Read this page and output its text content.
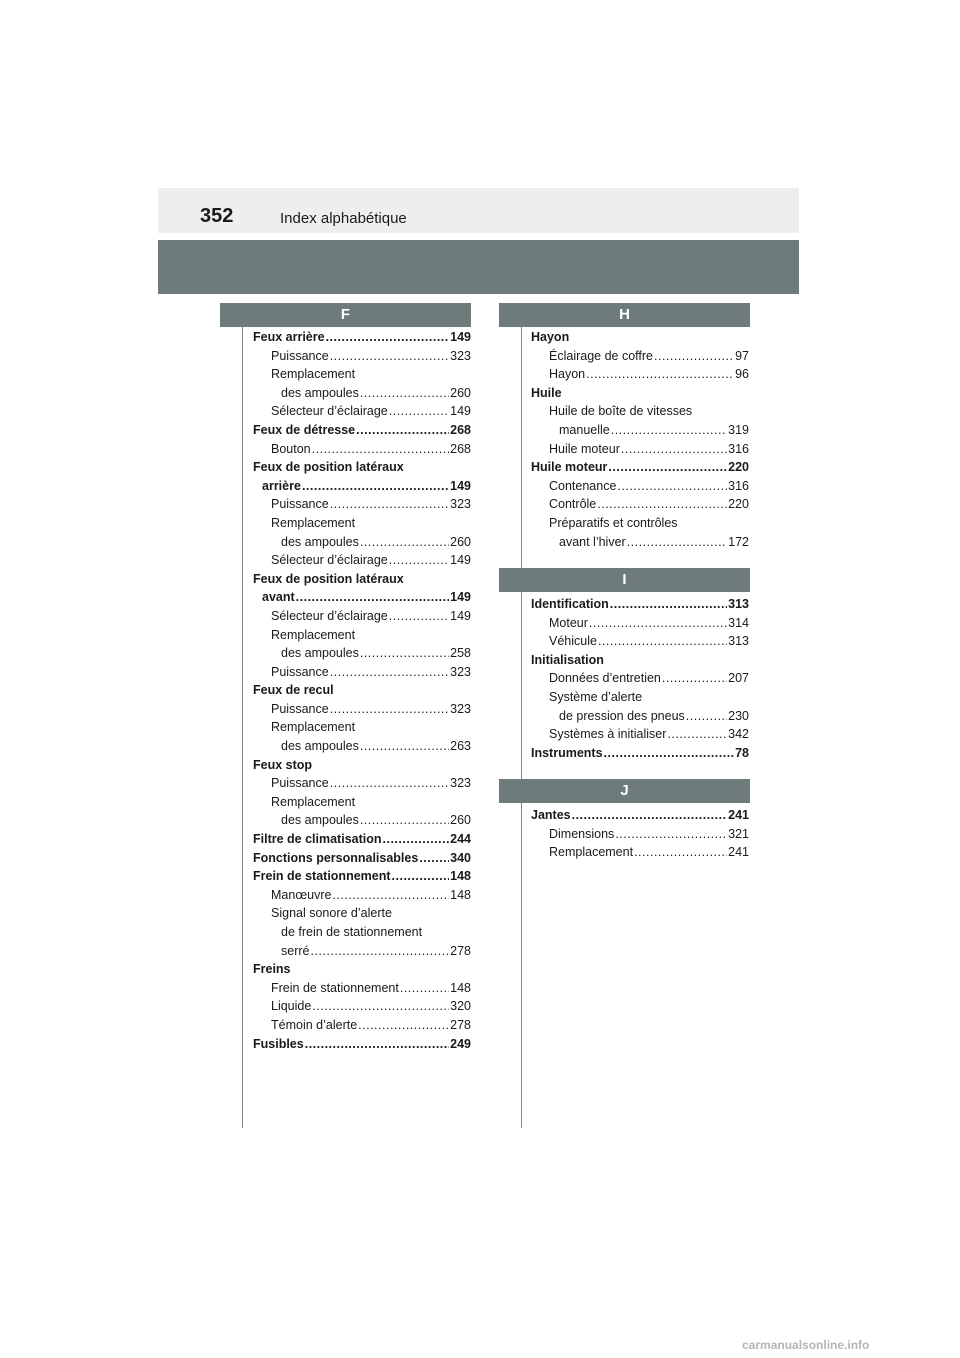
352	Index alphabétique
F
Feux arrière .....	149
Puissance .....	323
Remplacement
des ampoules .....	260
Sélecteur d’éclairage .....	149
Feux de détresse .....	268
Bouton .....	268
Feux de position latéraux
arrière .....	149
Puissance .....	323
Remplacement
des ampoules .....	260
Sélecteur d’éclairage .....	149
Feux de position latéraux
avant .....	149
Sélecteur d’éclairage .....	149
Remplacement
des ampoules .....	258
Puissance .....	323
Feux de recul
Puissance .....	323
Remplacement
des ampoules .....	263
Feux stop
Puissance .....	323
Remplacement
des ampoules .....	260
Filtre de climatisation .....	244
Fonctions personnalisables .....	340
Frein de stationnement .....	148
Manœuvre .....	148
Signal sonore d’alerte
de frein de stationnement
serré .....	278
Freins
Frein de stationnement .....	148
Liquide .....	320
Témoin d’alerte .....	278
Fusibles .....	249
H
Hayon
Éclairage de coffre .....	97
Hayon .....	96
Huile
Huile de boîte de vitesses
manuelle .....	319
Huile moteur .....	316
Huile moteur .....	220
Contenance .....	316
Contrôle .....	220
Préparatifs et contrôles
avant l’hiver .....	172
I
Identification .....	313
Moteur .....	314
Véhicule .....	313
Initialisation
Données d’entretien .....	207
Système d’alerte
de pression des pneus .....	230
Systèmes à initialiser .....	342
Instruments .....	78
J
Jantes .....	241
Dimensions .....	321
Remplacement .....	241
carmanualsonline.info
